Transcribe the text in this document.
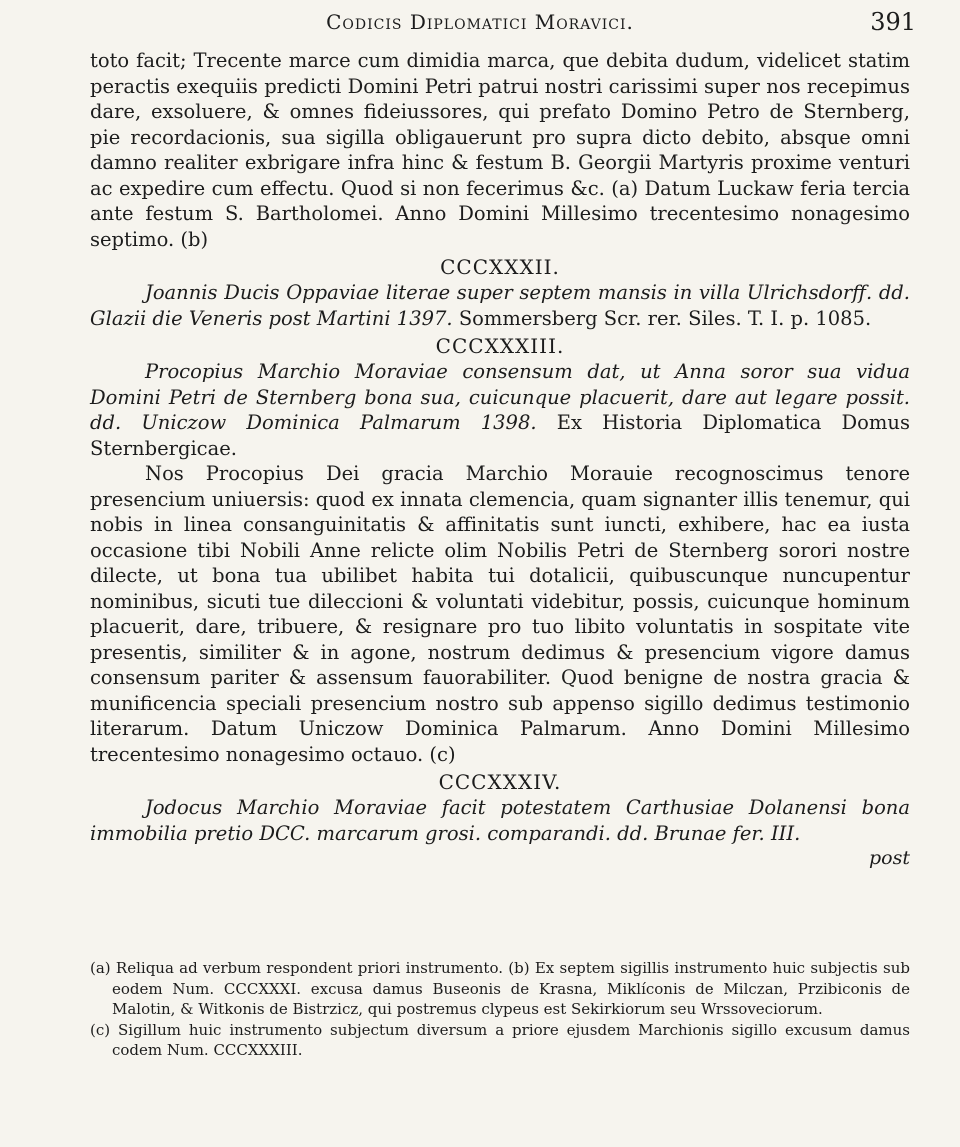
Codicis Diplomatici Moravici.	391

toto facit; Trecente marce cum dimidia marca, que debita dudum, videlicet statim peractis exequiis predicti Domini Petri patrui nostri carissimi super nos recepimus dare, exsoluere, & omnes fideiussores, qui prefato Domino Petro de Sternberg, pie recordacionis, sua sigilla obligauerunt pro supra dicto debito, absque omni damno realiter exbrigare infra hinc & festum B. Georgii Martyris proxime venturi ac expedire cum effectu. Quod si non fecerimus &c. (a) Datum Luckaw feria tercia ante festum S. Bartholomei. Anno Domini Millesimo trecentesimo nonagesimo septimo. (b)

CCCXXXII.

Joannis Ducis Oppaviae literae super septem mansis in villa Ulrichsdorff. dd. Glazii die Veneris post Martini 1397. Sommersberg Scr. rer. Siles. T. I. p. 1085.

CCCXXXIII.

Procopius Marchio Moraviae consensum dat, ut Anna soror sua vidua Domini Petri de Sternberg bona sua, cuicunque placuerit, dare aut legare possit. dd. Uniczow Dominica Palmarum 1398. Ex Historia Diplomatica Domus Sternbergicae.

Nos Procopius Dei gracia Marchio Morauie recognoscimus tenore presencium uniuersis: quod ex innata clemencia, quam signanter illis tenemur, qui nobis in linea consanguinitatis & affinitatis sunt iuncti, exhibere, hac ea iusta occasione tibi Nobili Anne relicte olim Nobilis Petri de Sternberg sorori nostre dilecte, ut bona tua ubilibet habita tui dotalicii, quibuscunque nuncupentur nominibus, sicuti tue dileccioni & voluntati videbitur, possis, cuicunque hominum placuerit, dare, tribuere, & resignare pro tuo libito voluntatis in sospitate vite presentis, similiter & in agone, nostrum dedimus & presencium vigore damus consensum pariter & assensum fauorabiliter. Quod benigne de nostra gracia & munificencia speciali presencium nostro sub appenso sigillo dedimus testimonio literarum. Datum Uniczow Dominica Palmarum. Anno Domini Millesimo trecentesimo nonagesimo octauo. (c)

CCCXXXIV.

Jodocus Marchio Moraviae facit potestatem Carthusiae Dolanensi bona immobilia pretio DCC. marcarum grosi. comparandi. dd. Brunae fer. III.

post

(a) Reliqua ad verbum respondent priori instrumento. (b) Ex septem sigillis instrumento huic subjectis sub eodem Num. CCCXXXI. excusa damus Buseonis de Krasna, Miklíconis de Milczan, Przibiconis de Malotin, & Witkonis de Bistrzicz, qui postremus clypeus est Sekirkiorum seu Wrssoveciorum.

(c) Sigillum huic instrumento subjectum diversum a priore ejusdem Marchionis sigillo excusum damus codem Num. CCCXXXIII.
